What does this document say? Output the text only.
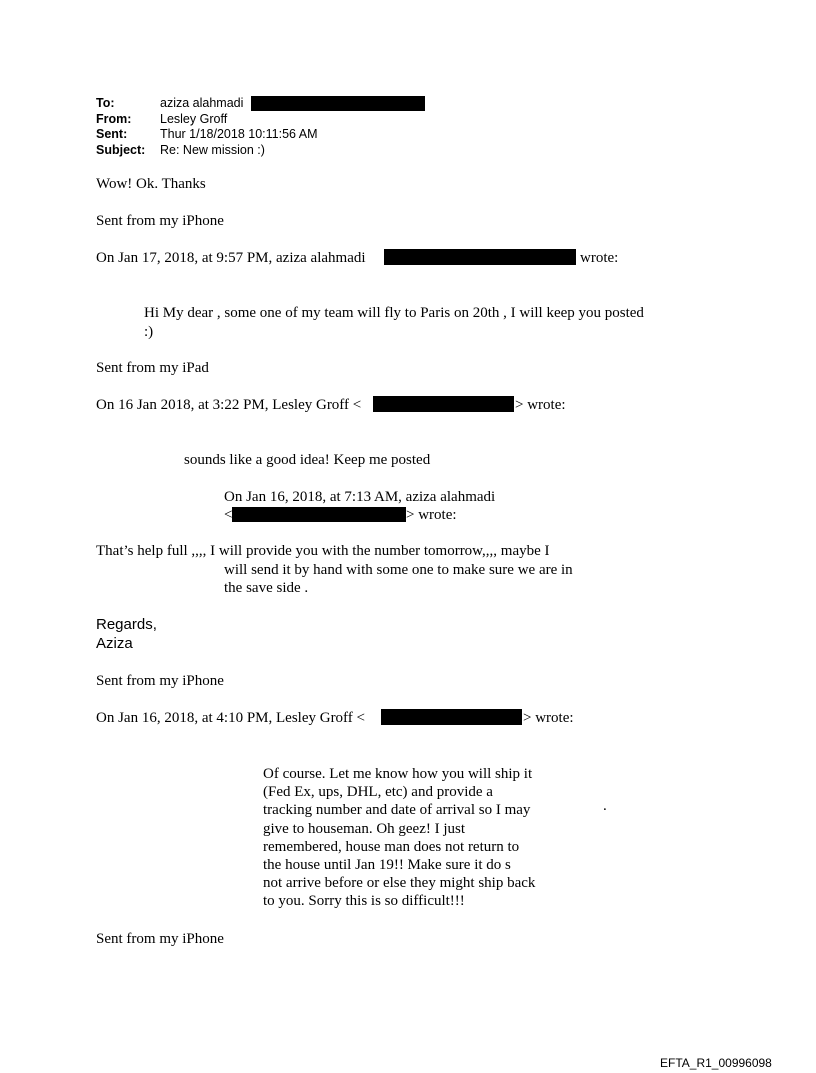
To:	aziza alahmadi
From: Lesley Groff
Sent:	Thur 1/18/2018 10:11:56 AM
Subject: Re: New mission :)
Wow! Ok. Thanks
Sent from my iPhone
On Jan 17, 2018, at 9:57 PM, aziza alahmadi	wrote:
Hi My dear , some one of my team will fly to Paris on 20th , I will keep you posted
:)
Sent from my iPad
On 16 Jan 2018, at 3:22 PM, Lesley Groff <	> wrote:
sounds like a good idea! Keep me posted
On Jan 16, 2018, at 7:13 AM, aziza alahmadi
<	> wrote:
That’s help full ,,,, I will provide you with the number tomorrow,,,, maybe I
will send it by hand with some one to make sure we are in
the save side .
Regards,
Aziza
Sent from my iPhone
On Jan 16, 2018, at 4:10 PM, Lesley Groff <	> wrote:
Of course. Let me know how you will ship it
(Fed Ex, ups, DHL, etc) and provide a
tracking number and date of arrival so I may
give to houseman. Oh geez! I just
remembered, house man does not return to
the house until Jan 19!! Make sure it do s
not arrive before or else they might ship back
to you. Sorry this is so difficult!!!
.
Sent from my iPhone
EFTA_R1_00996098
